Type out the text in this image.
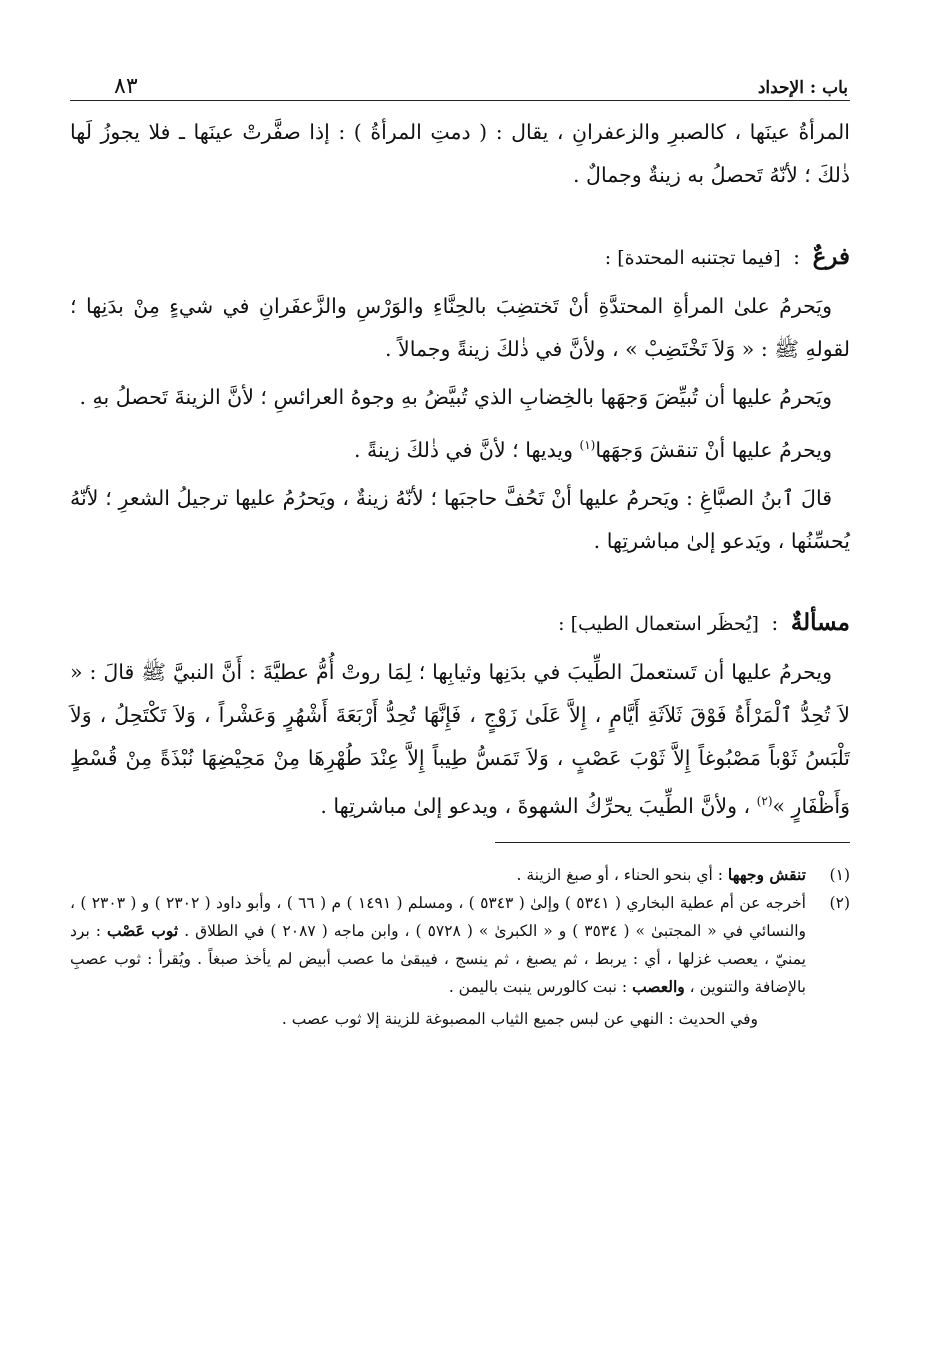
باب : الإحداد
٨٣

المرأةُ عينَها ، كالصبرِ والزعفرانِ ، يقال : ( دمتِ المرأةُ ) : إذا صفَّرتْ عينَها ـ فلا يجوزُ لَها ذٰلكَ ؛ لأنّهُ تَحصلُ به زينةٌ وجمالٌ .

فرعٌ : [فيما تجتنبه المحتدة] :

ويَحرمُ علىٰ المرأةِ المحتدَّةِ أنْ تَختضِبَ بالحِنَّاءِ والوَرْسِ والزَّعفَرانِ في شيءٍ مِنْ بدَنِها ؛ لقولهِ ﷺ : « وَلاَ تَخْتَضِبْ » ، ولأنَّ في ذٰلكَ زينةً وجمالاً .

ويَحرمُ عليها أن تُبيِّضَ وَجهَها بالخِضابِ الذي تُبيَّضُ بهِ وجوهُ العرائسِ ؛ لأنَّ الزينةَ تَحصلُ بهِ .

ويحرمُ عليها أنْ تنقشَ وَجهَها$^{(١)}$ ويديها ؛ لأنَّ في ذٰلكَ زينةً .

قالَ ٱبنُ الصبَّاغِ : ويَحرمُ عليها أنْ تَحُفَّ حاجبَها ؛ لأنّهُ زينةٌ ، ويَحرُمُ عليها ترجيلُ الشعرِ ؛ لأنّهُ يُحسِّنُها ، ويَدعو إلىٰ مباشرتِها .

مسألةٌ : [يُحظَر استعمال الطيب] :

ويحرمُ عليها أن تَستعملَ الطِّيبَ في بدَنِها وثيابِها ؛ لِمَا روتْ أُمُّ عطيَّةَ : أَنَّ النبيَّ ﷺ قالَ : « لاَ تُحِدُّ ٱلْمَرْأَةُ فَوْقَ ثَلاَثَةِ أَيَّامٍ ، إِلاَّ عَلَىٰ زَوْجٍ ، فَإِنَّهَا تُحِدُّ أَرْبَعَةَ أَشْهُرٍ وَعَشْراً ، وَلاَ تَكْتَحِلُ ، وَلاَ تَلْبَسُ ثَوْباً مَصْبُوغاً إِلاَّ ثَوْبَ عَصْبٍ ، وَلاَ تَمَسُّ طِيباً إِلاَّ عِنْدَ طُهْرِهَا مِنْ مَحِيْضِهَا نُبْذَةً مِنْ قُسْطٍ وَأَظْفَارٍ »$^{(٢)}$ ، ولأنَّ الطِّيبَ يحرِّكُ الشهوةَ ، ويدعو إلىٰ مباشرتِها .

(١)
تنقش وجهها : أي بنحو الحناء ، أو صبغ الزينة .
(٢)
أخرجه عن أم عطية البخاري ( ٥٣٤١ ) وإلىٰ ( ٥٣٤٣ ) ، ومسلم ( ١٤٩١ ) م ( ٦٦ ) ، وأبو داود ( ٢٣٠٢ ) و ( ٢٣٠٣ ) ، والنسائي في « المجتبىٰ » ( ٣٥٣٤ ) و « الكبرىٰ » ( ٥٧٢٨ ) ، وابن ماجه ( ٢٠٨٧ ) في الطلاق . ثوب عَصْب : برد يمنيّ ، يعصب غزلها ، أي : يربط ، ثم يصبغ ، ثم ينسج ، فيبقىٰ ما عصب أبيض لم يأخذ صبغاً . ويُقرأ : ثوب عصبِ بالإضافة والتنوين ، والعصب : نبت كالورس ينبت باليمن .
وفي الحديث : النهي عن لبس جميع الثياب المصبوغة للزينة إلا ثوب عصب .
